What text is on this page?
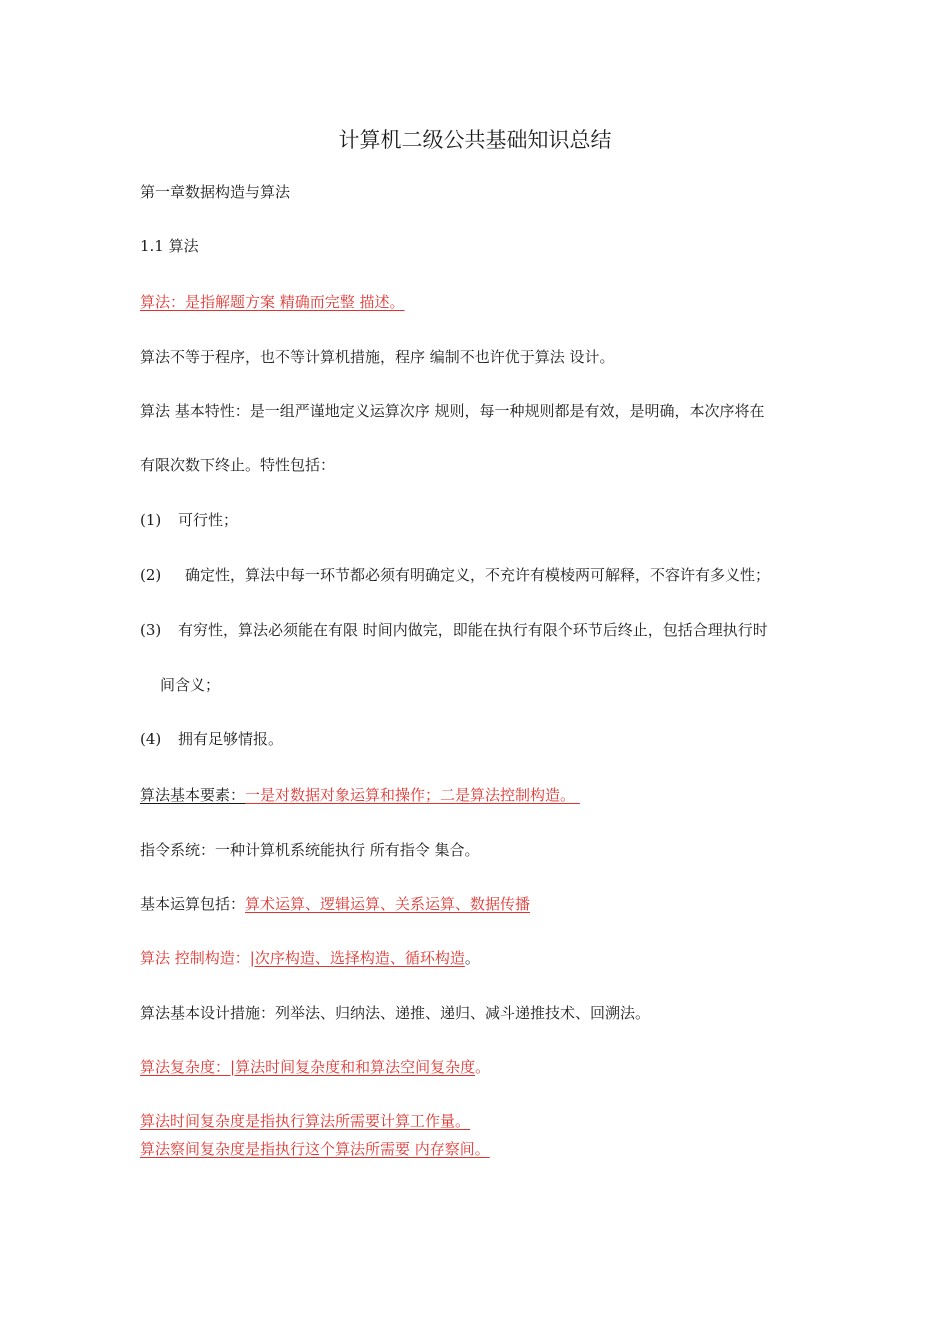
计算机二级公共基础知识总结
第一章数据构造与算法
1.1 算法
算法：是指解题方案 精确而完整 描述。
算法不等于程序，也不等计算机措施，程序 编制不也许优于算法 设计。
算法 基本特性：是一组严谨地定义运算次序 规则，每一种规则都是有效，是明确，本次序将在
有限次数下终止。特性包括：
(1) 可行性；
(2) 确定性，算法中每一环节都必须有明确定义，不充许有模棱两可解释，不容许有多义性；
(3) 有穷性，算法必须能在有限 时间内做完，即能在执行有限个环节后终止，包括合理执行时
间含义；
(4) 拥有足够情报。
算法基本要素：一是对数据对象运算和操作；二是算法控制构造。
指令系统：一种计算机系统能执行 所有指令 集合。
基本运算包括：算术运算、逻辑运算、关系运算、数据传播
算法 控制构造：|次序构造、选择构造、循环构造。
算法基本设计措施：列举法、归纳法、递推、递归、减斗递推技术、回溯法。
算法复杂度：|算法时间复杂度和和算法空间复杂度。
算法时间复杂度是指执行算法所需要计算工作量。
算法察间复杂度是指执行这个算法所需要 内存察间。
